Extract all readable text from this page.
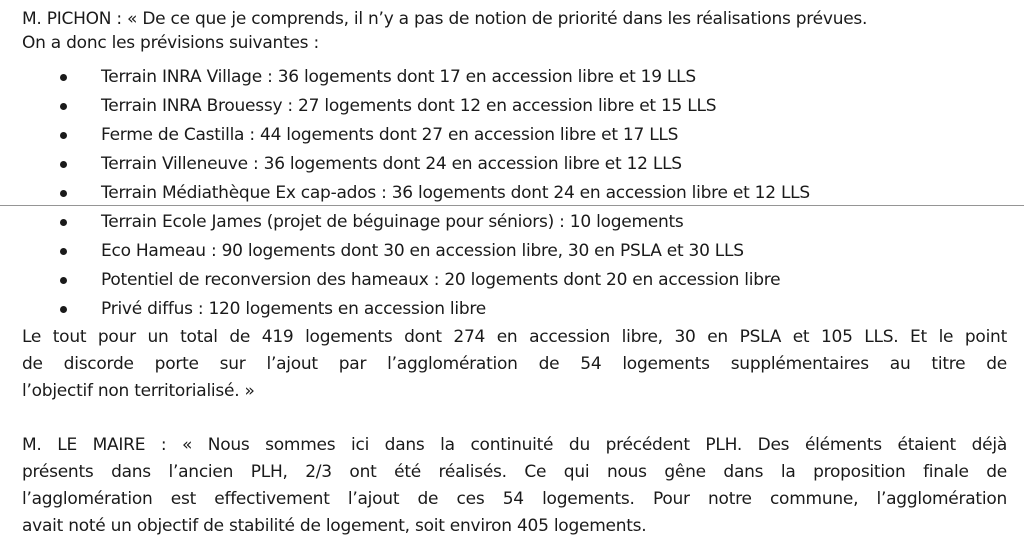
M. PICHON : « De ce que je comprends, il n’y a pas de notion de priorité dans les réalisations prévues.
On a donc les prévisions suivantes :
Terrain INRA Village : 36 logements dont 17 en accession libre et 19 LLS
Terrain INRA Brouessy : 27 logements dont 12 en accession libre et 15 LLS
Ferme de Castilla : 44 logements dont 27 en accession libre et 17 LLS
Terrain Villeneuve : 36 logements dont 24 en accession libre et 12 LLS
Terrain Médiathèque Ex cap-ados : 36 logements dont 24 en accession libre et 12 LLS
Terrain Ecole James (projet de béguinage pour séniors) : 10 logements
Eco Hameau : 90 logements dont 30 en accession libre, 30 en PSLA et 30 LLS
Potentiel de reconversion des hameaux : 20 logements dont 20 en accession libre
Privé diffus : 120 logements en accession libre
Le tout pour un total de 419 logements dont 274 en accession libre, 30 en PSLA et 105 LLS. Et le point
de discorde porte sur l’ajout par l’agglomération de 54 logements supplémentaires au titre de
l’objectif non territorialisé. »
M. LE MAIRE : « Nous sommes ici dans la continuité du précédent PLH. Des éléments étaient déjà
présents dans l’ancien PLH, 2/3 ont été réalisés. Ce qui nous gêne dans la proposition finale de
l’agglomération est effectivement l’ajout de ces 54 logements. Pour notre commune, l’agglomération
avait noté un objectif de stabilité de logement, soit environ 405 logements.
